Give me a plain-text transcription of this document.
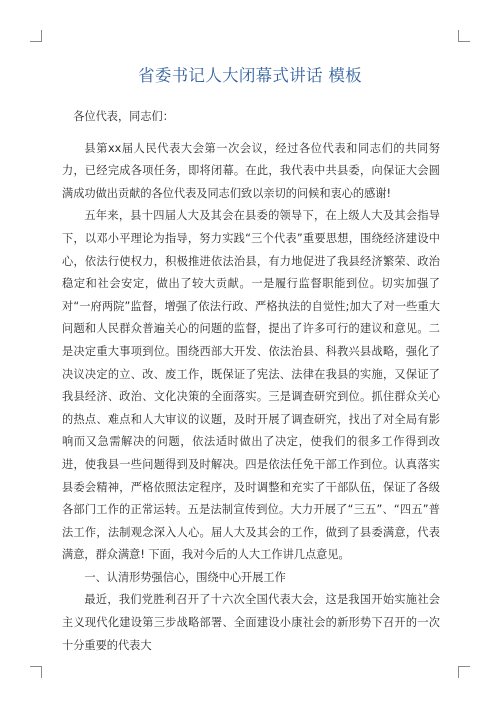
省委书记人大闭幕式讲话 模板

各位代表，同志们：

县第xx届人民代表大会第一次会议，经过各位代表和同志们的共同努力，已经完成各项任务，即将闭幕。在此，我代表中共县委，向保证大会圆满成功做出贡献的各位代表及同志们致以亲切的问候和衷心的感谢!

五年来，县十四届人大及其会在县委的领导下，在上级人大及其会指导下，以邓小平理论为指导，努力实践“三个代表”重要思想，围绕经济建设中心，依法行使权力，积极推进依法治县，有力地促进了我县经济繁荣、政治稳定和社会安定，做出了较大贡献。一是履行监督职能到位。切实加强了对“一府两院”监督，增强了依法行政、严格执法的自觉性;加大了对一些重大问题和人民群众普遍关心的问题的监督，提出了许多可行的建议和意见。二是决定重大事项到位。围绕西部大开发、依法治县、科教兴县战略，强化了决议决定的立、改、废工作，既保证了宪法、法律在我县的实施，又保证了我县经济、政治、文化决策的全面落实。三是调查研究到位。抓住群众关心的热点、难点和人大审议的议题，及时开展了调查研究，找出了对全局有影响而又急需解决的问题，依法适时做出了决定，使我们的很多工作得到改进，使我县一些问题得到及时解决。四是依法任免干部工作到位。认真落实县委会精神，严格依照法定程序，及时调整和充实了干部队伍，保证了各级各部门工作的正常运转。五是法制宣传到位。大力开展了“三五”、“四五”普法工作，法制观念深入人心。届人大及其会的工作，做到了县委满意，代表满意，群众满意! 下面，我对今后的人大工作讲几点意见。

一、认清形势强信心，围绕中心开展工作

最近，我们党胜利召开了十六次全国代表大会，这是我国开始实施社会主义现代化建设第三步战略部署、全面建设小康社会的新形势下召开的一次十分重要的代表大
